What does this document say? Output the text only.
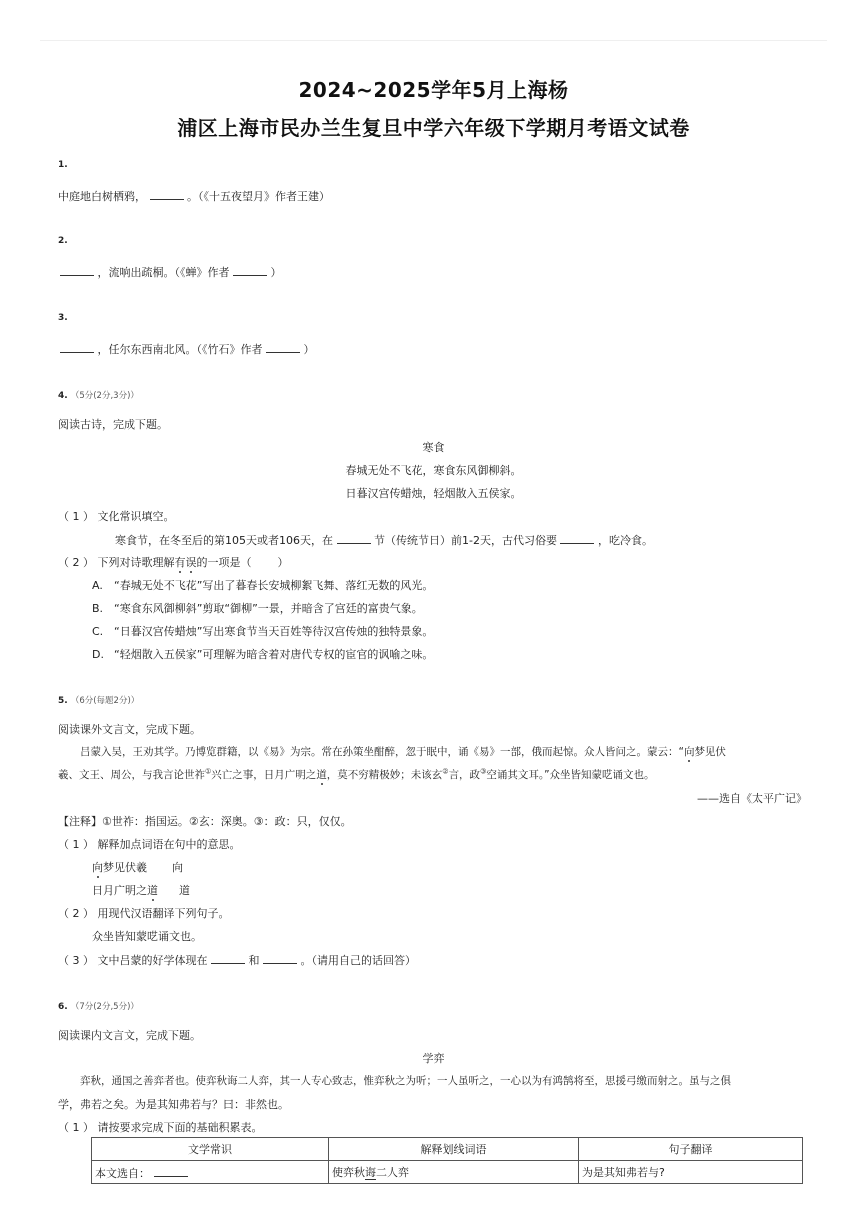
2024~2025学年5月上海杨
浦区上海市民办兰生复旦中学六年级下学期月考语文试卷
1.
中庭地白树栖鸦，	。（《十五夜望月》作者王建）
2.
，流响出疏桐。（《蝉》作者	）
3.
，任尔东西南北风。（《竹石》作者	）
4. （5分(2分,3分)）
阅读古诗，完成下题。
寒食
春城无处不飞花，寒食东风御柳斜。
日暮汉宫传蜡烛，轻烟散入五侯家。
（ 1 ） 文化常识填空。
寒食节，在冬至后的第105天或者106天，在	节（传统节日）前1-2天，古代习俗要	，吃冷食。
（ 2 ） 下列对诗歌理解有误的一项是（ ）
A. “春城无处不飞花”写出了暮春长安城柳絮飞舞、落红无数的风光。
B. “寒食东风御柳斜”剪取“御柳”一景，并暗含了宫廷的富贵气象。
C. “日暮汉宫传蜡烛”写出寒食节当天百姓等待汉宫传烛的独特景象。
D. “轻烟散入五侯家”可理解为暗含着对唐代专权的宦官的讽喻之味。
5. （6分(每题2分)）
阅读课外文言文，完成下题。
吕蒙入吴，王劝其学。乃博览群籍，以《易》为宗。常在孙策坐酣醉，忽于眠中，诵《易》一部，俄而起惊。众人皆问之。蒙云：“向梦见伏
羲、文王、周公，与我言论世祚①兴亡之事，日月广明之道，莫不穷精极妙；未该玄②言，政③空诵其文耳。”众坐皆知蒙呓诵文也。
——选自《太平广记》
【注释】①世祚：指国运。②玄：深奥。③：政：只，仅仅。
（ 1 ） 解释加点词语在句中的意思。
向梦见伏羲 向
日月广明之道 道
（ 2 ） 用现代汉语翻译下列句子。
众坐皆知蒙呓诵文也。
（ 3 ） 文中吕蒙的好学体现在	和	。（请用自己的话回答）
6. （7分(2分,5分)）
阅读课内文言文，完成下题。
学弈
弈秋，通国之善弈者也。使弈秋诲二人弈，其一人专心致志，惟弈秋之为听；一人虽听之，一心以为有鸿鹄将至，思援弓缴而射之。虽与之俱
学，弗若之矣。为是其知弗若与？曰：非然也。
（ 1 ） 请按要求完成下面的基础积累表。
文学常识	解释划线词语	句子翻译
本文选自：	使弈秋诲二人弈	为是其知弗若与?
